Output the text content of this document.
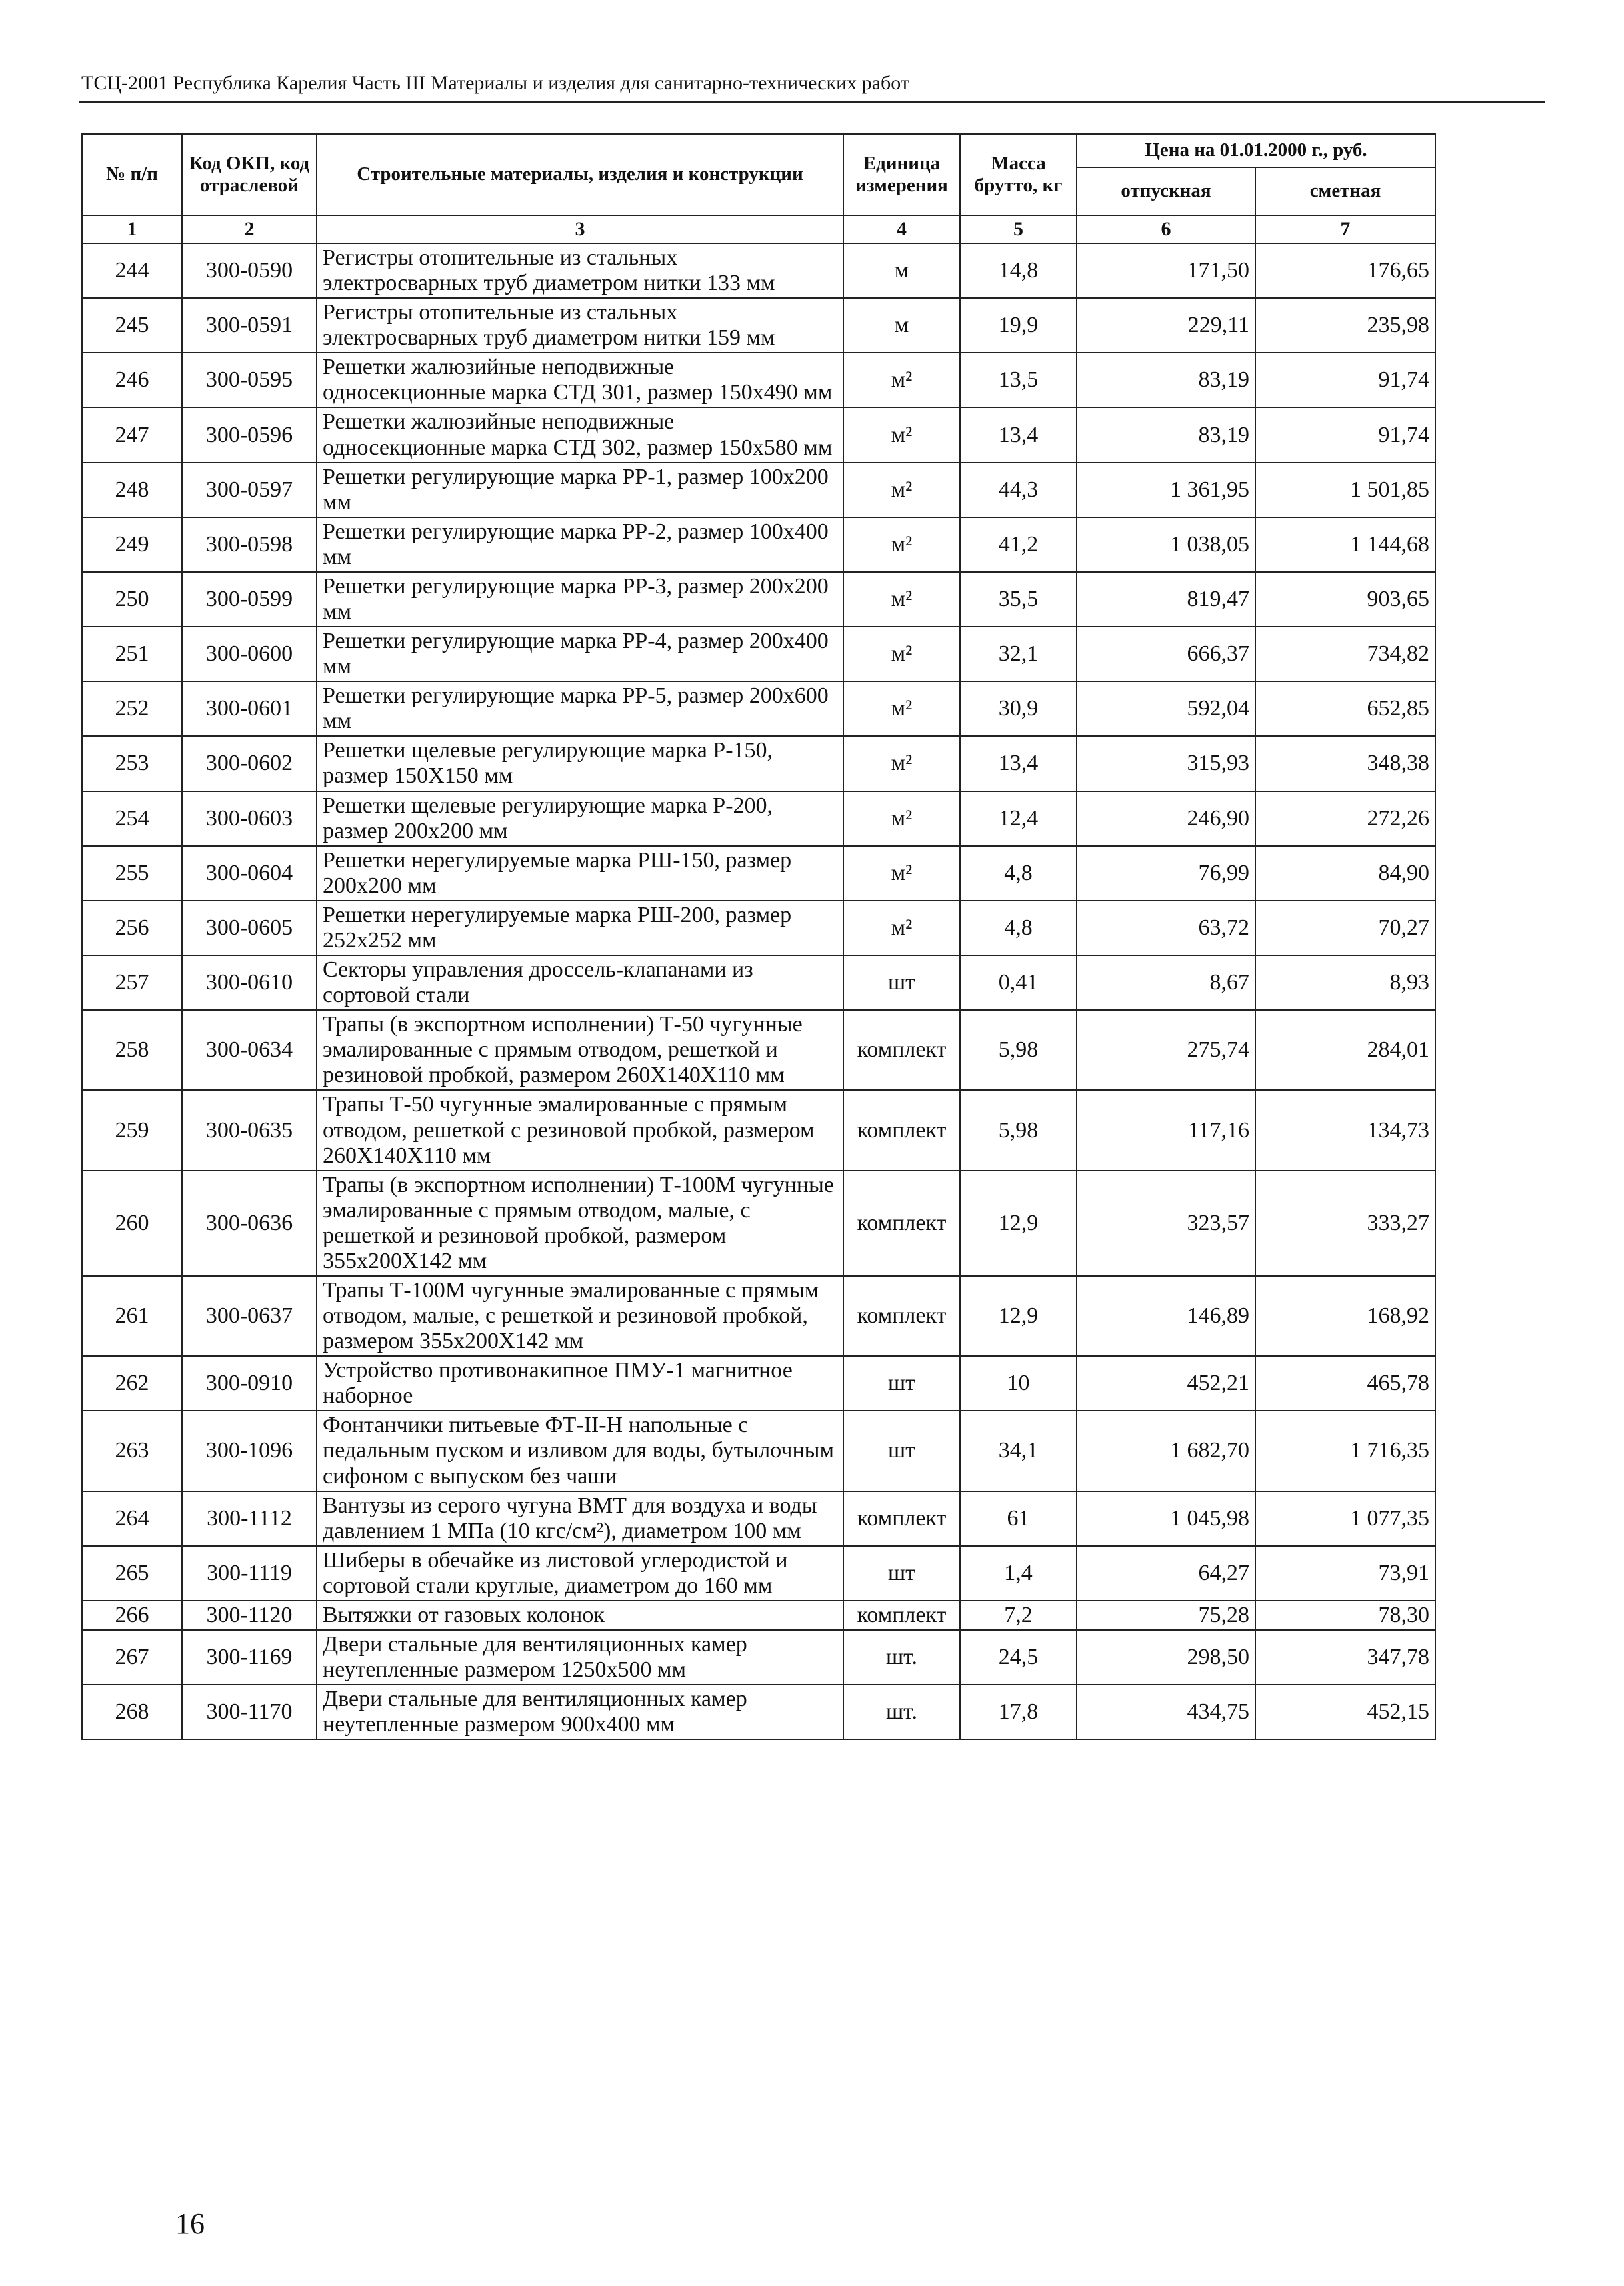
ТСЦ-2001 Республика Карелия Часть III Материалы и изделия для санитарно-технических работ
№ п/п	Код ОКП, код отраслевой	Строительные материалы, изделия и конструкции	Единица измерения	Масса брутто, кг	Цена на 01.01.2000 г., руб.	
					отпускная	сметная
1	2	3	4	5	6	7
244	300-0590	Регистры отопительные из стальных электросварных труб диаметром нитки 133 мм	м	14,8	171,50	176,65
245	300-0591	Регистры отопительные из стальных электросварных труб диаметром нитки 159 мм	м	19,9	229,11	235,98
246	300-0595	Решетки жалюзийные неподвижные односекционные марка СТД 301, размер 150х490 мм	м²	13,5	83,19	91,74
247	300-0596	Решетки жалюзийные неподвижные односекционные марка СТД 302, размер 150х580 мм	м²	13,4	83,19	91,74
248	300-0597	Решетки регулирующие марка РР-1, размер 100х200 мм	м²	44,3	1 361,95	1 501,85
249	300-0598	Решетки регулирующие марка РР-2, размер 100х400 мм	м²	41,2	1 038,05	1 144,68
250	300-0599	Решетки регулирующие марка РР-3, размер 200х200 мм	м²	35,5	819,47	903,65
251	300-0600	Решетки регулирующие марка РР-4, размер 200х400 мм	м²	32,1	666,37	734,82
252	300-0601	Решетки регулирующие марка РР-5, размер 200х600 мм	м²	30,9	592,04	652,85
253	300-0602	Решетки щелевые регулирующие марка Р-150, размер 150Х150 мм	м²	13,4	315,93	348,38
254	300-0603	Решетки щелевые регулирующие марка Р-200, размер 200х200 мм	м²	12,4	246,90	272,26
255	300-0604	Решетки нерегулируемые марка РШ-150, размер 200х200 мм	м²	4,8	76,99	84,90
256	300-0605	Решетки нерегулируемые марка РШ-200, размер 252х252 мм	м²	4,8	63,72	70,27
257	300-0610	Секторы управления дроссель-клапанами из сортовой стали	шт	0,41	8,67	8,93
258	300-0634	Трапы (в экспортном исполнении) Т-50 чугунные эмалированные с прямым отводом, решеткой и резиновой пробкой, размером 260Х140Х110 мм	комплект	5,98	275,74	284,01
259	300-0635	Трапы Т-50 чугунные эмалированные с прямым отводом, решеткой с резиновой пробкой, размером 260Х140Х110 мм	комплект	5,98	117,16	134,73
260	300-0636	Трапы (в экспортном исполнении) Т-100М чугунные эмалированные с прямым отводом, малые, с решеткой и резиновой пробкой, размером 355х200Х142 мм	комплект	12,9	323,57	333,27
261	300-0637	Трапы Т-100М чугунные эмалированные с прямым отводом, малые, с решеткой и резиновой пробкой, размером 355х200Х142 мм	комплект	12,9	146,89	168,92
262	300-0910	Устройство противонакипное ПМУ-1 магнитное наборное	шт	10	452,21	465,78
263	300-1096	Фонтанчики питьевые ФТ-II-Н напольные с педальным пуском и изливом для воды, бутылочным сифоном с выпуском без чаши	шт	34,1	1 682,70	1 716,35
264	300-1112	Вантузы из серого чугуна ВМТ для воздуха и воды давлением 1 МПа (10 кгс/см²), диаметром 100 мм	комплект	61	1 045,98	1 077,35
265	300-1119	Шиберы в обечайке из листовой углеродистой и сортовой стали круглые, диаметром до 160 мм	шт	1,4	64,27	73,91
266	300-1120	Вытяжки от газовых колонок	комплект	7,2	75,28	78,30
267	300-1169	Двери стальные для вентиляционных камер неутепленные размером 1250х500 мм	шт.	24,5	298,50	347,78
268	300-1170	Двери стальные для вентиляционных камер неутепленные размером 900х400 мм	шт.	17,8	434,75	452,15
16
